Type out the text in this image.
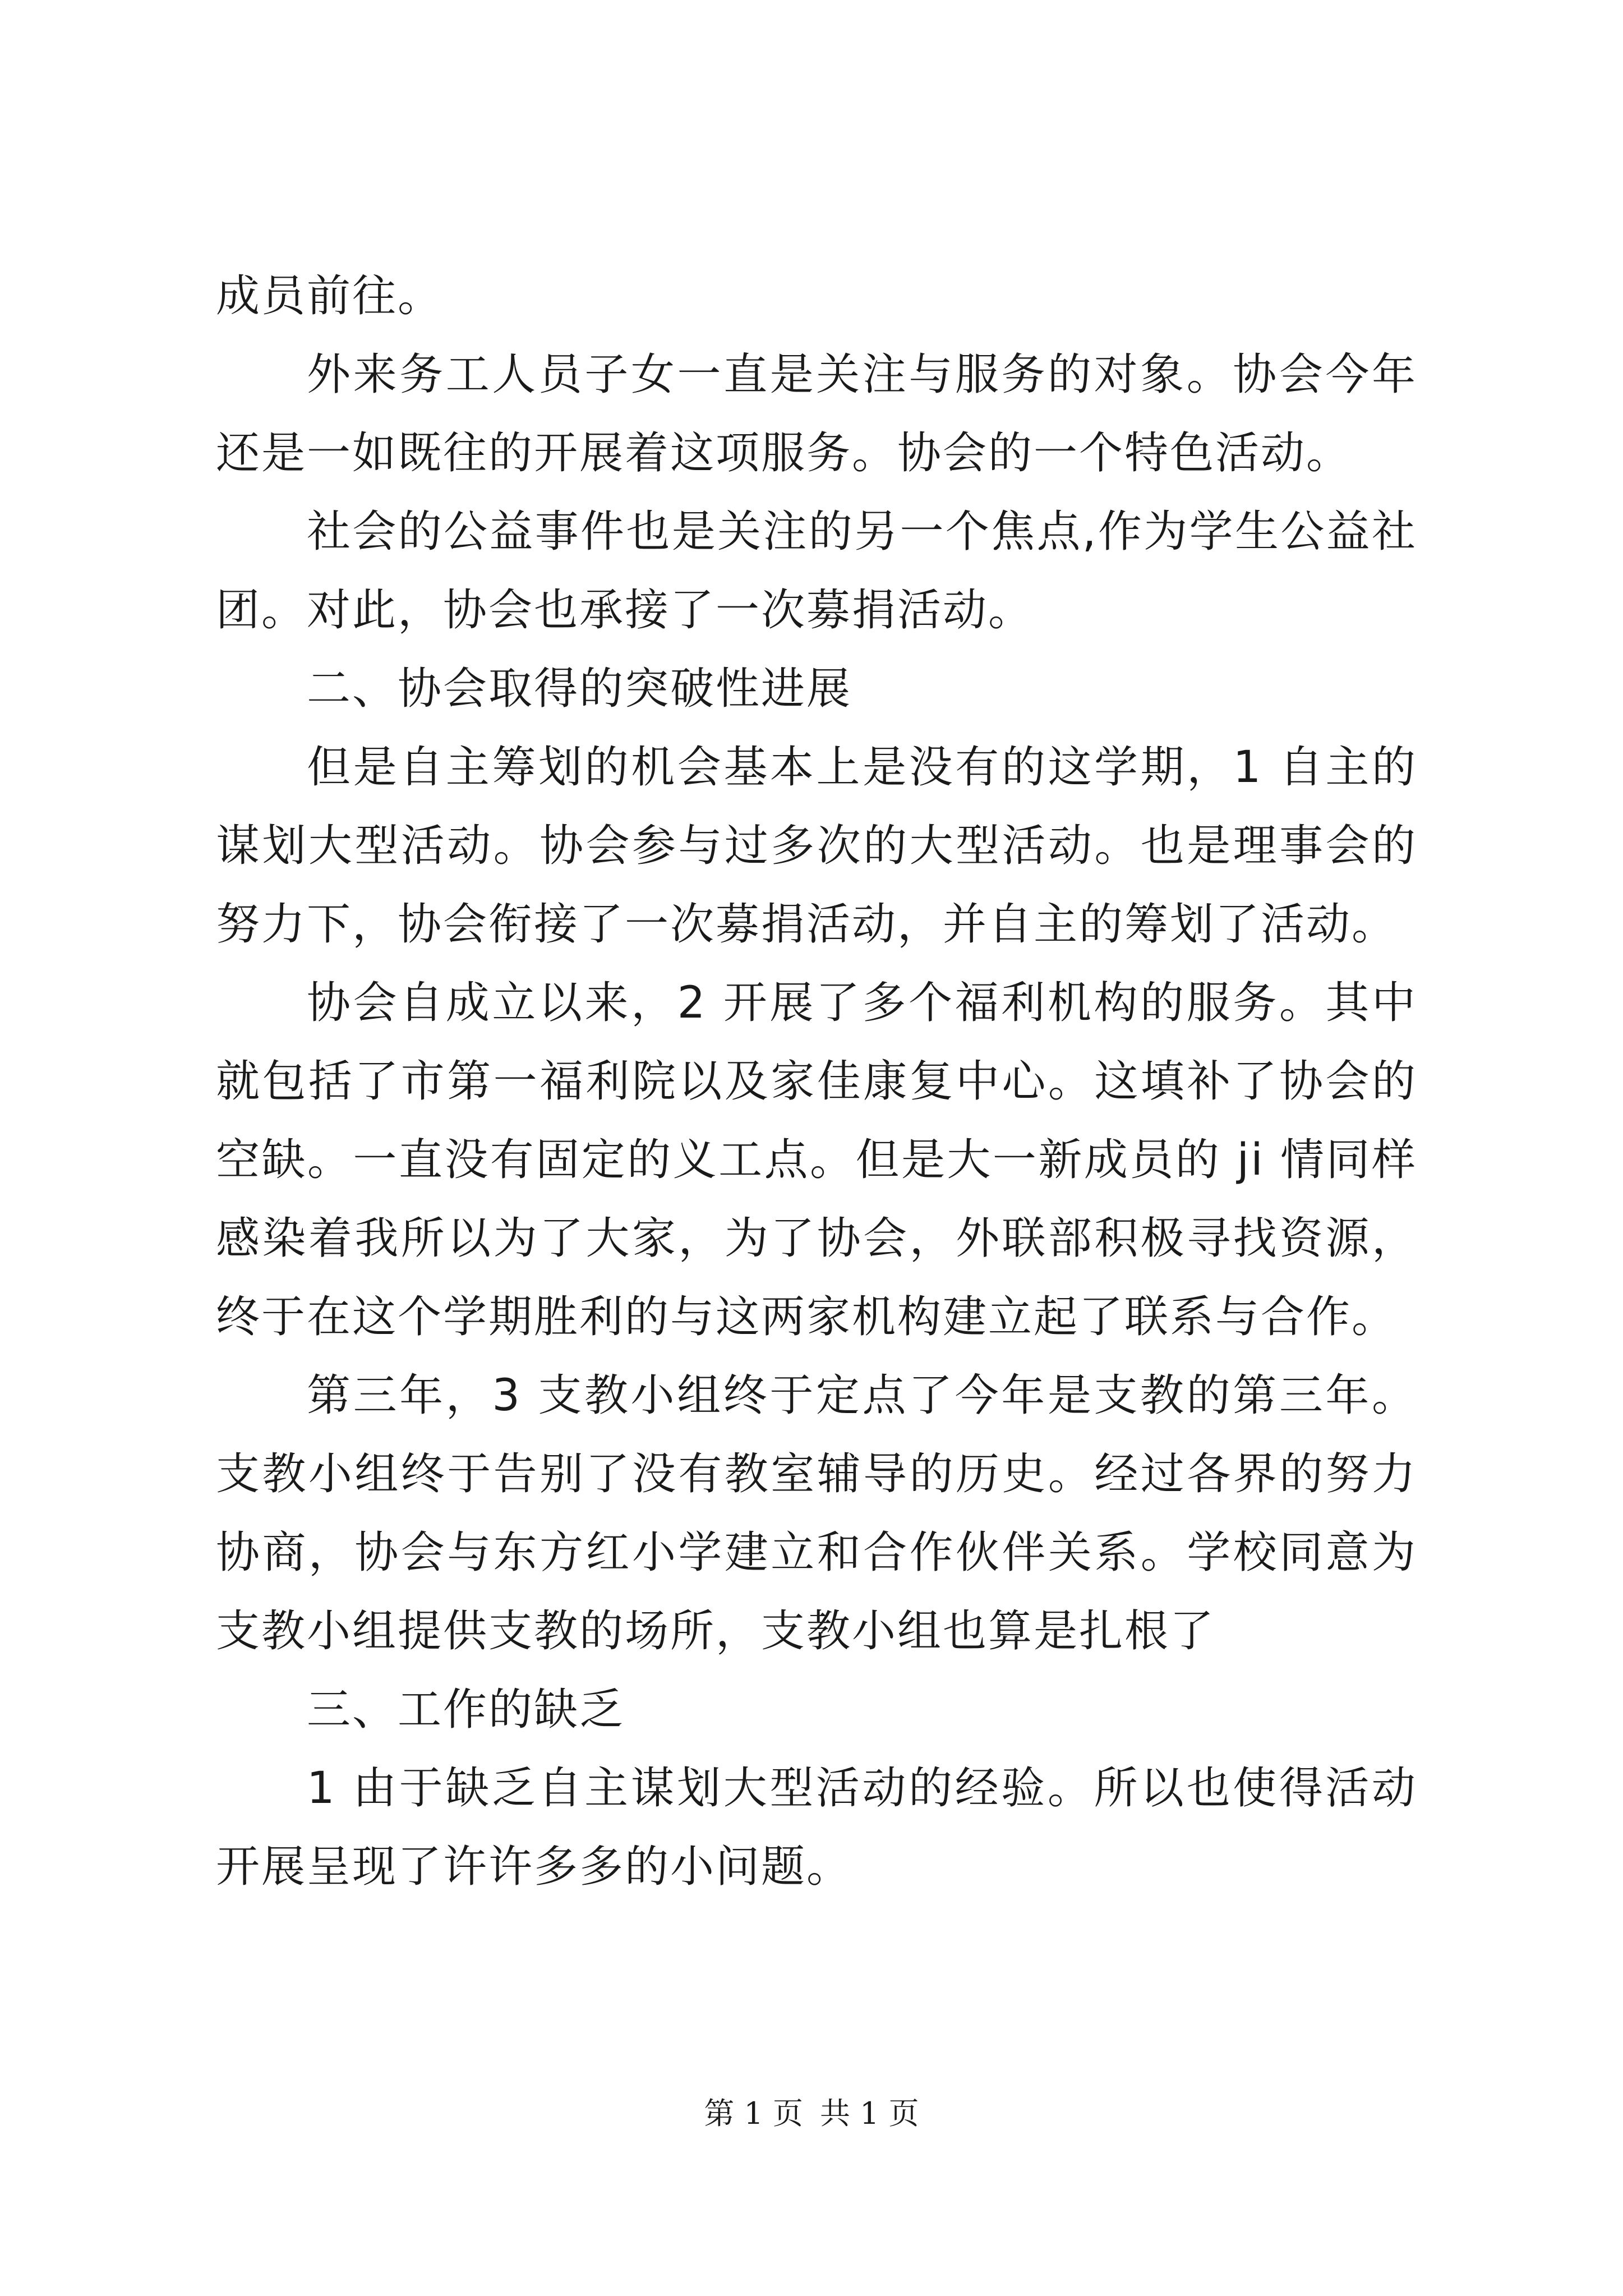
成员前往。

外来务工人员子女一直是关注与服务的对象。协会今年还是一如既往的开展着这项服务。协会的一个特色活动。

社会的公益事件也是关注的另一个焦点,作为学生公益社团。对此，协会也承接了一次募捐活动。

二、协会取得的突破性进展

但是自主筹划的机会基本上是没有的这学期，1 自主的谋划大型活动。协会参与过多次的大型活动。也是理事会的努力下，协会衔接了一次募捐活动，并自主的筹划了活动。

协会自成立以来，2 开展了多个福利机构的服务。其中就包括了市第一福利院以及家佳康复中心。这填补了协会的空缺。一直没有固定的义工点。但是大一新成员的 ji 情同样感染着我所以为了大家，为了协会，外联部积极寻找资源，终于在这个学期胜利的与这两家机构建立起了联系与合作。

第三年，3 支教小组终于定点了今年是支教的第三年。支教小组终于告别了没有教室辅导的历史。经过各界的努力协商，协会与东方红小学建立和合作伙伴关系。学校同意为支教小组提供支教的场所，支教小组也算是扎根了

三、工作的缺乏

1 由于缺乏自主谋划大型活动的经验。所以也使得活动开展呈现了许许多多的小问题。

第 1 页 共 1 页
